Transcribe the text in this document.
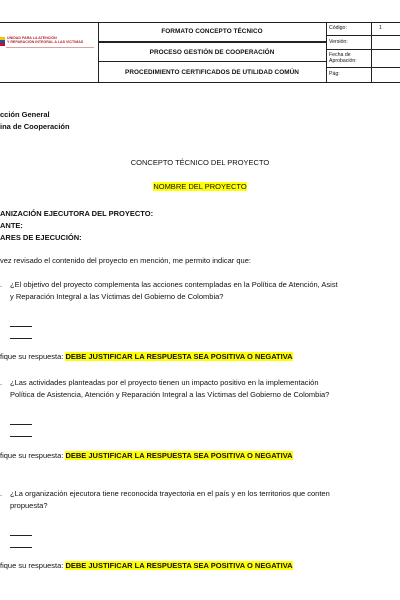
UNIDAD PARA LA ATENCIÓN
Y REPARACIÓN INTEGRAL A LAS VÍCTIMAS
FORMATO CONCEPTO TÉCNICO
PROCESO GESTIÓN DE COOPERACIÓN
PROCEDIMIENTO CERTIFICADOS DE UTILIDAD COMÚN
Código:	1
Versión:
Fecha de
Aprobación:
Pág:
cción General
ina de Cooperación
CONCEPTO TÉCNICO DEL PROYECTO
NOMBRE DEL PROYECTO
ANIZACIÓN EJECUTORA DEL PROYECTO:
ANTE:
ARES DE EJECUCIÓN:
vez revisado el contenido del proyecto en mención, me permito indicar que:
. ¿El objetivo del proyecto complementa las acciones contempladas en la Política de Atención, Asist
y Reparación Integral a las Víctimas del Gobierno de Colombia?
fique su respuesta: DEBE JUSTIFICAR LA RESPUESTA SEA POSITIVA O NEGATIVA
. ¿Las actividades planteadas por el proyecto tienen un impacto positivo en la implementación
Política de Asistencia, Atención y Reparación Integral a las Víctimas del Gobierno de Colombia?
fique su respuesta: DEBE JUSTIFICAR LA RESPUESTA SEA POSITIVA O NEGATIVA
. ¿La organización ejecutora tiene reconocida trayectoria en el país y en los territorios que conten
propuesta?
fique su respuesta: DEBE JUSTIFICAR LA RESPUESTA SEA POSITIVA O NEGATIVA
